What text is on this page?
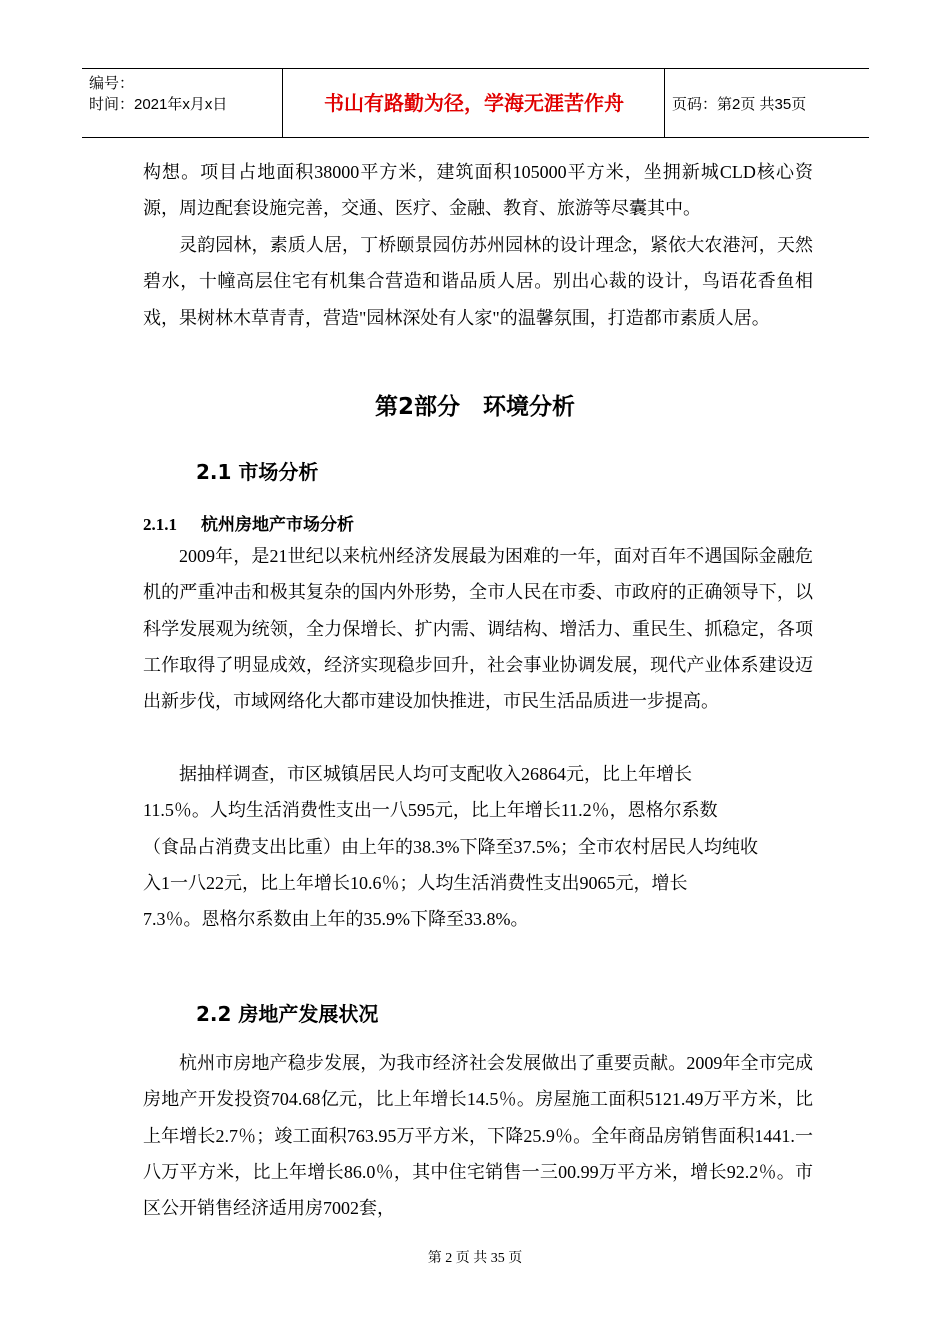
编号：
时间：2021年x月x日	书山有路勤为径，学海无涯苦作舟	页码：第2页 共35页

构想。项目占地面积38000平方米，建筑面积105000平方米，坐拥新城CLD核心资源，周边配套设施完善，交通、医疗、金融、教育、旅游等尽囊其中。

灵韵园林，素质人居，丁桥颐景园仿苏州园林的设计理念，紧依大农港河，天然碧水，十幢高层住宅有机集合营造和谐品质人居。别出心裁的设计，鸟语花香鱼相戏，果树林木草青青，营造"园林深处有人家"的温馨氛围，打造都市素质人居。

第2部分　环境分析
2.1 市场分析
2.1.1 杭州房地产市场分析

2009年，是21世纪以来杭州经济发展最为困难的一年，面对百年不遇国际金融危机的严重冲击和极其复杂的国内外形势，全市人民在市委、市政府的正确领导下，以科学发展观为统领，全力保增长、扩内需、调结构、增活力、重民生、抓稳定，各项工作取得了明显成效，经济实现稳步回升，社会事业协调发展，现代产业体系建设迈出新步伐，市域网络化大都市建设加快推进，市民生活品质进一步提高。

据抽样调查，市区城镇居民人均可支配收入26864元，比上年增长
11.5％。人均生活消费性支出一八595元，比上年增长11.2％，恩格尔系数
（食品占消费支出比重）由上年的38.3%下降至37.5%；全市农村居民人均纯收
入1一八22元，比上年增长10.6％；人均生活消费性支出9065元，增长
7.3％。恩格尔系数由上年的35.9%下降至33.8%。
2.2 房地产发展状况

杭州市房地产稳步发展，为我市经济社会发展做出了重要贡献。2009年全市完成房地产开发投资704.68亿元，比上年增长14.5％。房屋施工面积5121.49万平方米，比上年增长2.7％；竣工面积763.95万平方米，下降25.9％。全年商品房销售面积1441.一八万平方米，比上年增长86.0％，其中住宅销售一三00.99万平方米，增长92.2％。市区公开销售经济适用房7002套，

第 2 页 共 35 页
